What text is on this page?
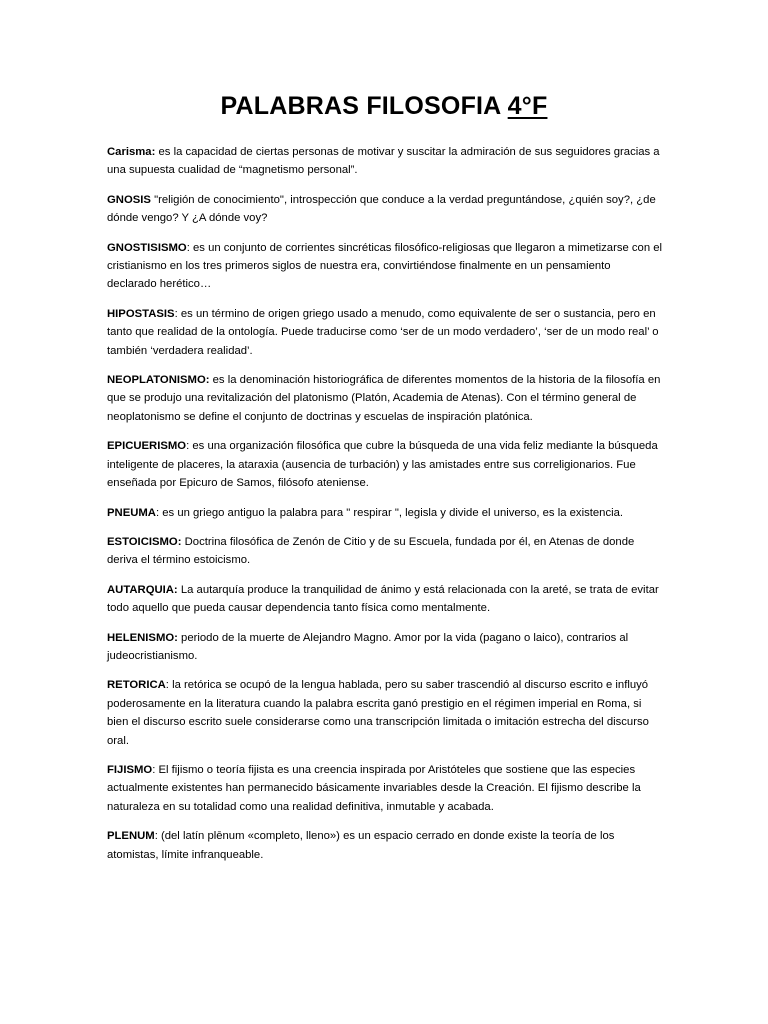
PALABRAS FILOSOFIA 4°F

Carisma: es la capacidad de ciertas personas de motivar y suscitar la admiración de sus seguidores gracias a una supuesta cualidad de “magnetismo personal”.

GNOSIS "religión de conocimiento", introspección que conduce a la verdad preguntándose, ¿quién soy?, ¿de dónde vengo? Y ¿A dónde voy?

GNOSTISISMO: es un conjunto de corrientes sincréticas filosófico-religiosas que llegaron a mimetizarse con el cristianismo en los tres primeros siglos de nuestra era, convirtiéndose finalmente en un pensamiento declarado herético…

HIPOSTASIS: es un término de origen griego usado a menudo, como equivalente de ser o sustancia, pero en tanto que realidad de la ontología. Puede traducirse como ‘ser de un modo verdadero’, ‘ser de un modo real’ o también ‘verdadera realidad’.

NEOPLATONISMO: es la denominación historiográfica de diferentes momentos de la historia de la filosofía en que se produjo una revitalización del platonismo (Platón, Academia de Atenas). Con el término general de neoplatonismo se define el conjunto de doctrinas y escuelas de inspiración platónica.

EPICUERISMO: es una organización filosófica que cubre la búsqueda de una vida feliz mediante la búsqueda inteligente de placeres, la ataraxia (ausencia de turbación) y las amistades entre sus correligionarios. Fue enseñada por Epicuro de Samos, filósofo ateniense.

PNEUMA: es un griego antiguo la palabra para " respirar ", legisla y divide el universo, es la existencia.

ESTOICISMO: Doctrina filosófica de Zenón de Citio y de su Escuela, fundada por él, en Atenas de donde deriva el término estoicismo.

AUTARQUIA: La autarquía produce la tranquilidad de ánimo y está relacionada con la areté, se trata de evitar todo aquello que pueda causar dependencia tanto física como mentalmente.

HELENISMO: periodo de la muerte de Alejandro Magno. Amor por la vida (pagano o laico), contrarios al judeocristianismo.

RETORICA: la retórica se ocupó de la lengua hablada, pero su saber trascendió al discurso escrito e influyó poderosamente en la literatura cuando la palabra escrita ganó prestigio en el régimen imperial en Roma, si bien el discurso escrito suele considerarse como una transcripción limitada o imitación estrecha del discurso oral.

FIJISMO: El fijismo o teoría fijista es una creencia inspirada por Aristóteles que sostiene que las especies actualmente existentes han permanecido básicamente invariables desde la Creación. El fijismo describe la naturaleza en su totalidad como una realidad definitiva, inmutable y acabada.

PLENUM: (del latín plēnum «completo, lleno») es un espacio cerrado en donde existe la teoría de los atomistas, límite infranqueable.
